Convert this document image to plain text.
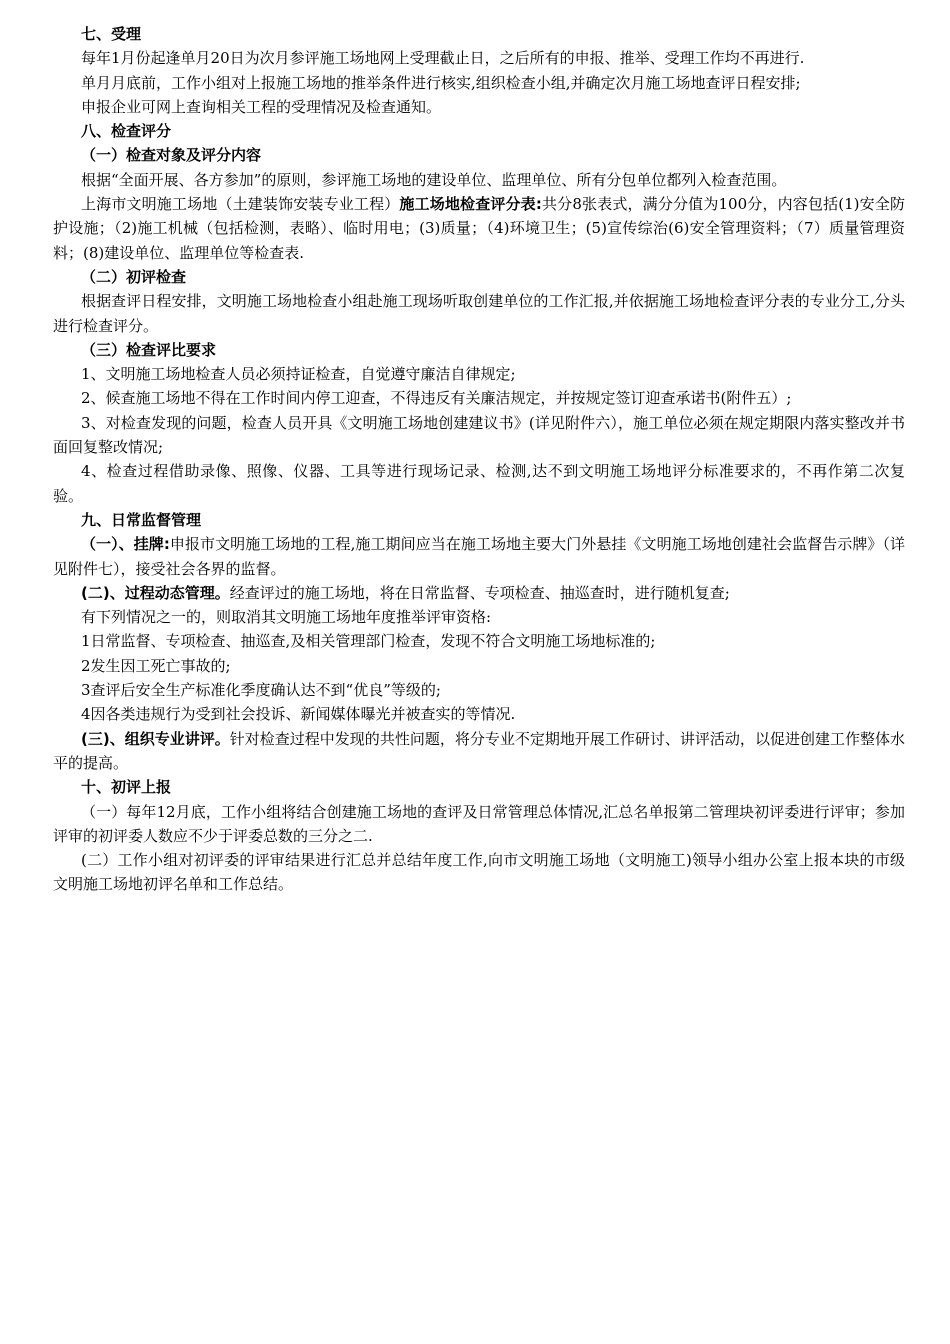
七、受理

每年1月份起逢单月20日为次月参评施工场地网上受理截止日，之后所有的申报、推举、受理工作均不再进行.

单月月底前，工作小组对上报施工场地的推举条件进行核实,组织检查小组,并确定次月施工场地查评日程安排;

申报企业可网上查询相关工程的受理情况及检查通知。

八、检查评分

（一）检查对象及评分内容

根据“全面开展、各方参加”的原则，参评施工场地的建设单位、监理单位、所有分包单位都列入检查范围。

上海市文明施工场地（土建装饰安装专业工程）施工场地检查评分表:共分8张表式，满分分值为100分，内容包括(1)安全防护设施；（2)施工机械（包括检测，表略）、临时用电；(3)质量；（4)环境卫生；(5)宣传综治(6)安全管理资料；（7）质量管理资料；(8)建设单位、监理单位等检查表.

（二）初评检查

根据查评日程安排，文明施工场地检查小组赴施工现场听取创建单位的工作汇报,并依据施工场地检查评分表的专业分工,分头进行检查评分。

（三）检查评比要求

1、文明施工场地检查人员必须持证检查，自觉遵守廉洁自律规定;

2、候查施工场地不得在工作时间内停工迎查，不得违反有关廉洁规定，并按规定签订迎查承诺书(附件五）;

3、对检查发现的问题，检查人员开具《文明施工场地创建建议书》(详见附件六），施工单位必须在规定期限内落实整改并书面回复整改情况;

4、检查过程借助录像、照像、仪器、工具等进行现场记录、检测,达不到文明施工场地评分标准要求的，不再作第二次复验。

九、日常监督管理

（一）、挂牌:申报市文明施工场地的工程,施工期间应当在施工场地主要大门外悬挂《文明施工场地创建社会监督告示牌》（详见附件七），接受社会各界的监督。

(二)、过程动态管理。经查评过的施工场地，将在日常监督、专项检查、抽巡查时，进行随机复查;

有下列情况之一的，则取消其文明施工场地年度推举评审资格:

1日常监督、专项检查、抽巡查,及相关管理部门检查，发现不符合文明施工场地标准的;

2发生因工死亡事故的;

3查评后安全生产标准化季度确认达不到“优良”等级的;

4因各类违规行为受到社会投诉、新闻媒体曝光并被查实的等情况.

(三)、组织专业讲评。针对检查过程中发现的共性问题，将分专业不定期地开展工作研讨、讲评活动，以促进创建工作整体水平的提高。

十、初评上报

（一）每年12月底，工作小组将结合创建施工场地的查评及日常管理总体情况,汇总名单报第二管理块初评委进行评审；参加评审的初评委人数应不少于评委总数的三分之二.

(二）工作小组对初评委的评审结果进行汇总并总结年度工作,向市文明施工场地（文明施工)领导小组办公室上报本块的市级文明施工场地初评名单和工作总结。
